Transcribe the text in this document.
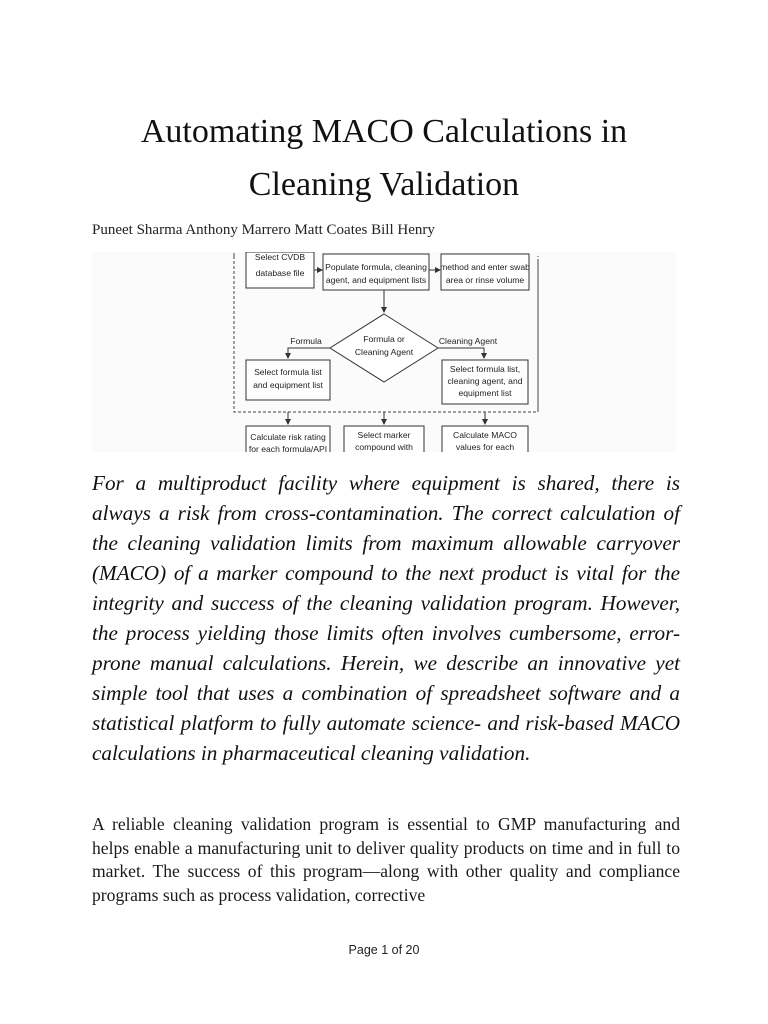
Automating MACO Calculations in
Cleaning Validation
Puneet Sharma Anthony Marrero Matt Coates Bill Henry
Select CVDB
database file
Populate formula, cleaning
agent, and equipment lists
method and enter swab
area or rinse volume
Formula or
Cleaning Agent
Formula	Cleaning Agent
Select formula list
and equipment list
Select formula list,
cleaning agent, and
equipment list
Calculate risk rating
for each formula/API
Select marker
compound with
Calculate MACO
values for each

For a multiproduct facility where equipment is shared, there is always a risk from cross-contamination. The correct calculation of the cleaning validation limits from maximum allowable carryover (MACO) of a marker compound to the next product is vital for the integrity and success of the cleaning validation program. However, the process yielding those limits often involves cumbersome, error-prone manual calculations. Herein, we describe an innovative yet simple tool that uses a combination of spreadsheet software and a statistical platform to fully automate science- and risk-based MACO calculations in pharmaceutical cleaning validation.

A reliable cleaning validation program is essential to GMP manufacturing and helps enable a manufacturing unit to deliver quality products on time and in full to market. The success of this program—along with other quality and compliance programs such as process validation, corrective

Page 1 of 20
